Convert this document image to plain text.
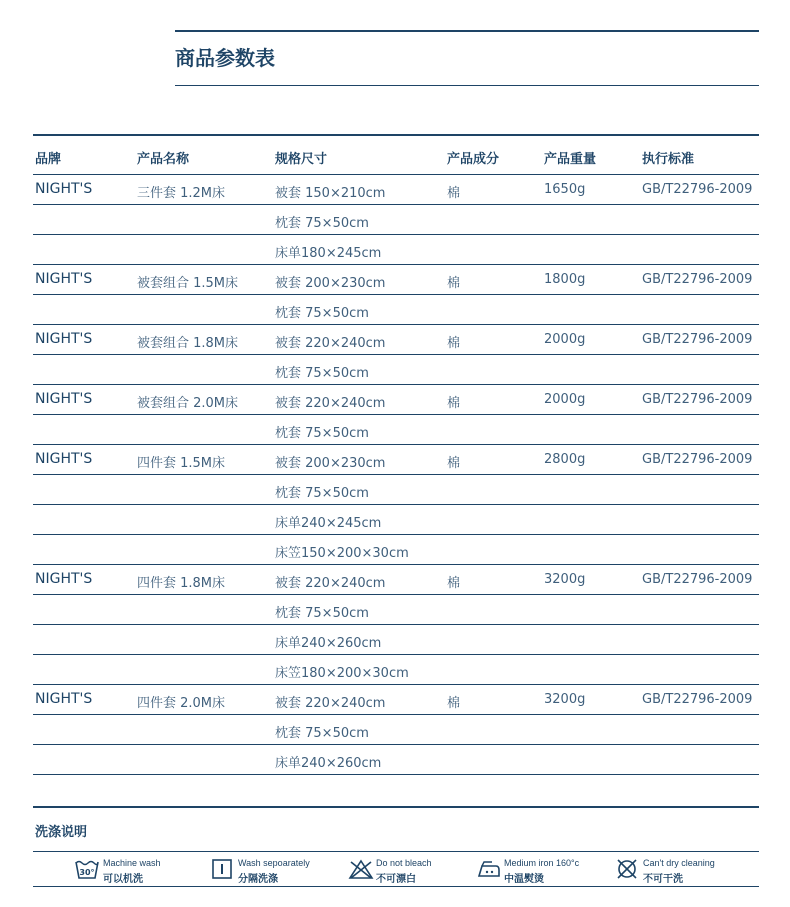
商品参数表
品牌	产品名称	规格尺寸	产品成分	产品重量	执行标准
NIGHT'S	三件套 1.2M床	被套 150×210cm	棉	1650g	GB/T22796-2009
枕套 75×50cm
床单180×245cm
NIGHT'S	被套组合 1.5M床	被套 200×230cm	棉	1800g	GB/T22796-2009
枕套 75×50cm
NIGHT'S	被套组合 1.8M床	被套 220×240cm	棉	2000g	GB/T22796-2009
枕套 75×50cm
NIGHT'S	被套组合 2.0M床	被套 220×240cm	棉	2000g	GB/T22796-2009
枕套 75×50cm
NIGHT'S	四件套 1.5M床	被套 200×230cm	棉	2800g	GB/T22796-2009
枕套 75×50cm
床单240×245cm
床笠150×200×30cm
NIGHT'S	四件套 1.8M床	被套 220×240cm	棉	3200g	GB/T22796-2009
枕套 75×50cm
床单240×260cm
床笠180×200×30cm
NIGHT'S	四件套 2.0M床	被套 220×240cm	棉	3200g	GB/T22796-2009
枕套 75×50cm
床单240×260cm
洗涤说明
30°
Machine wash
可以机洗
Wash sepoarately
分隔洗涤
Do not bleach
不可漂白
Medium iron 160°c
中温熨烫
Can't dry cleaning
不可干洗
